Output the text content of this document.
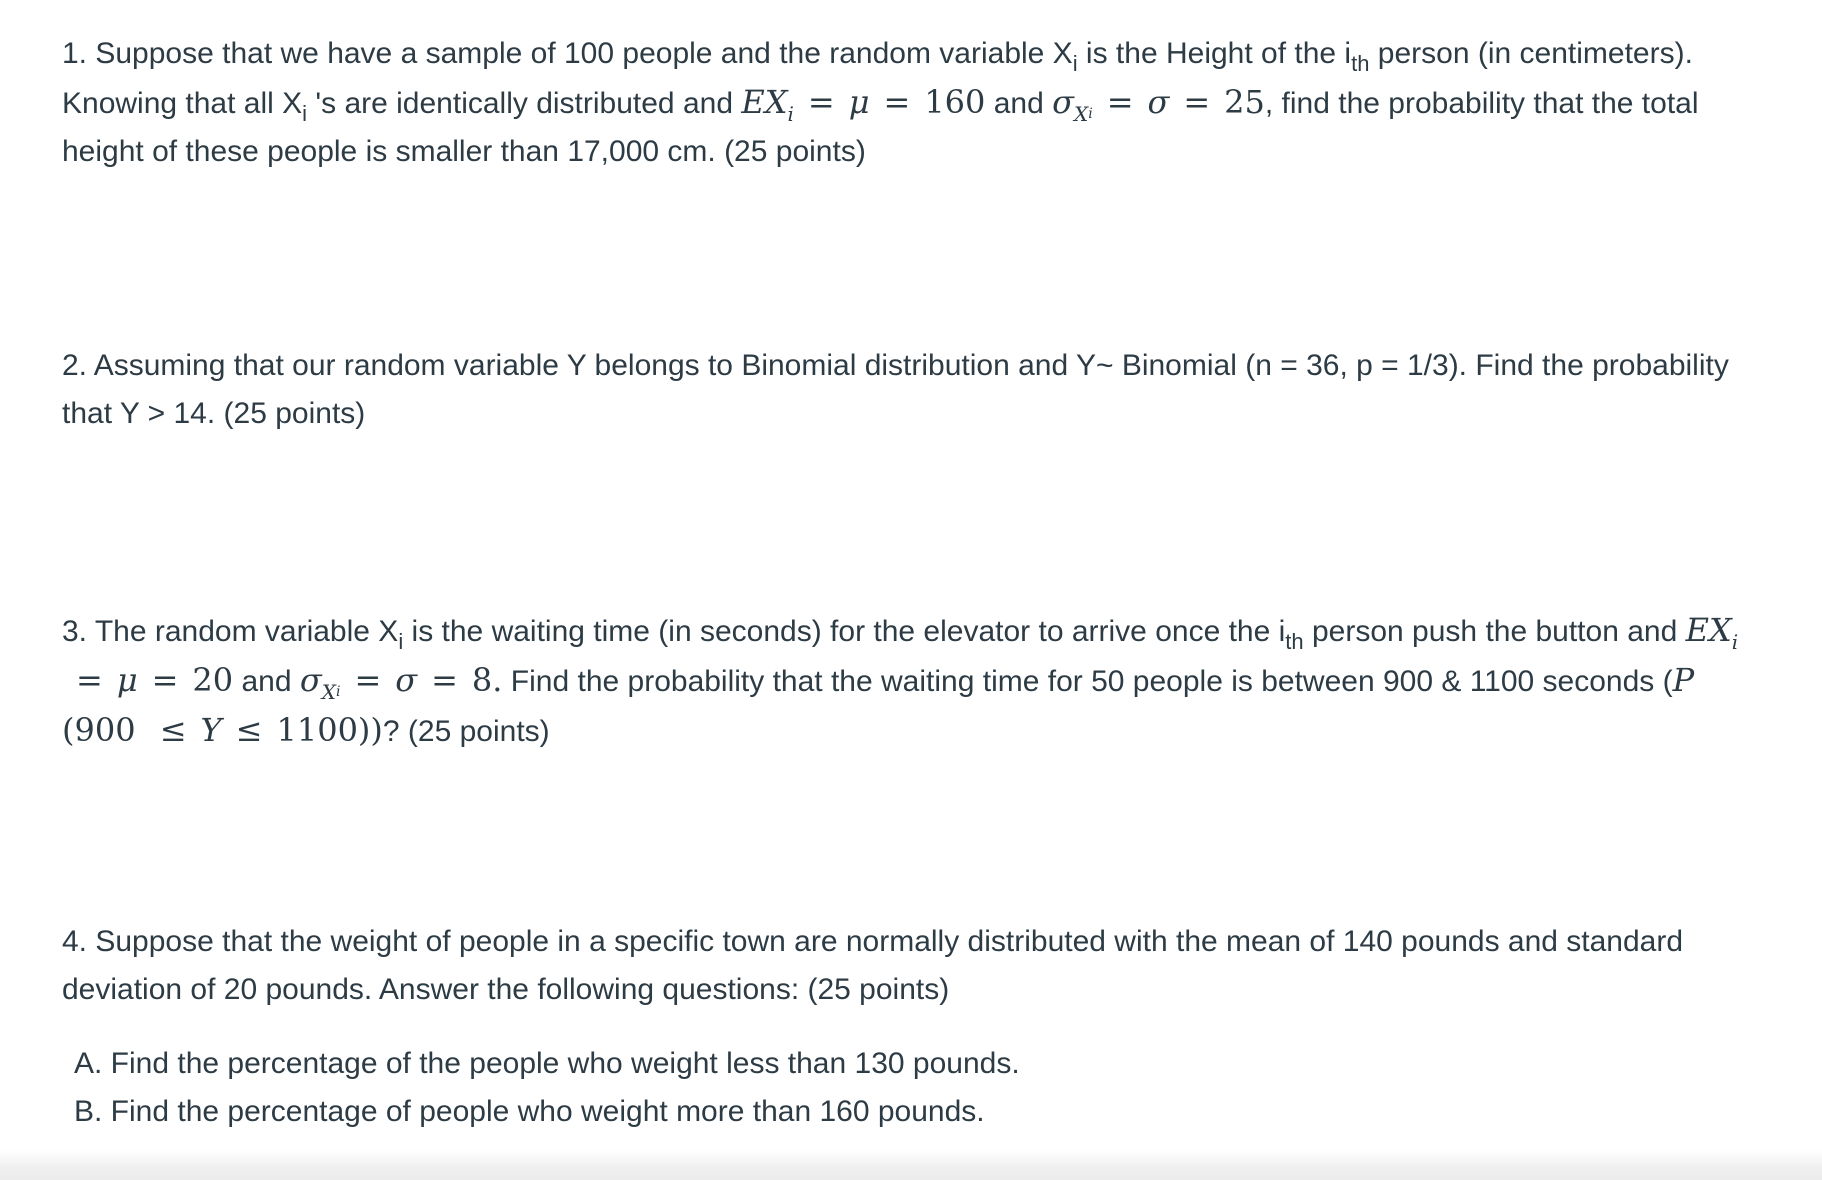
1. Suppose that we have a sample of 100 people and the random variable $X_i$ is the Height of the $i_{th}$ person (in centimeters). Knowing that all $X_i$ 's are identically distributed and $EX_i = \mu = 160$ and $\sigma_Xi = \sigma = 25$, find the probability that the total height of these people is smaller than 17,000 cm. (25 points)

2. Assuming that our random variable Y belongs to Binomial distribution and Y~ Binomial (n = 36, p = 1/3). Find the probability that Y > 14. (25 points)

3. The random variable $X_i$ is the waiting time (in seconds) for the elevator to arrive once the $i_{th}$ person push the button and $EX_i= \mu = 20$ and $\sigma_Xi = \sigma = 8$. Find the probability that the waiting time for 50 people is between 900 & 1100 seconds (P (900 ≤ Y ≤ 1100))? (25 points)

4. Suppose that the weight of people in a specific town are normally distributed with the mean of 140 pounds and standard deviation of 20 pounds. Answer the following questions: (25 points)

A. Find the percentage of the people who weight less than 130 pounds.
B. Find the percentage of people who weight more than 160 pounds.
